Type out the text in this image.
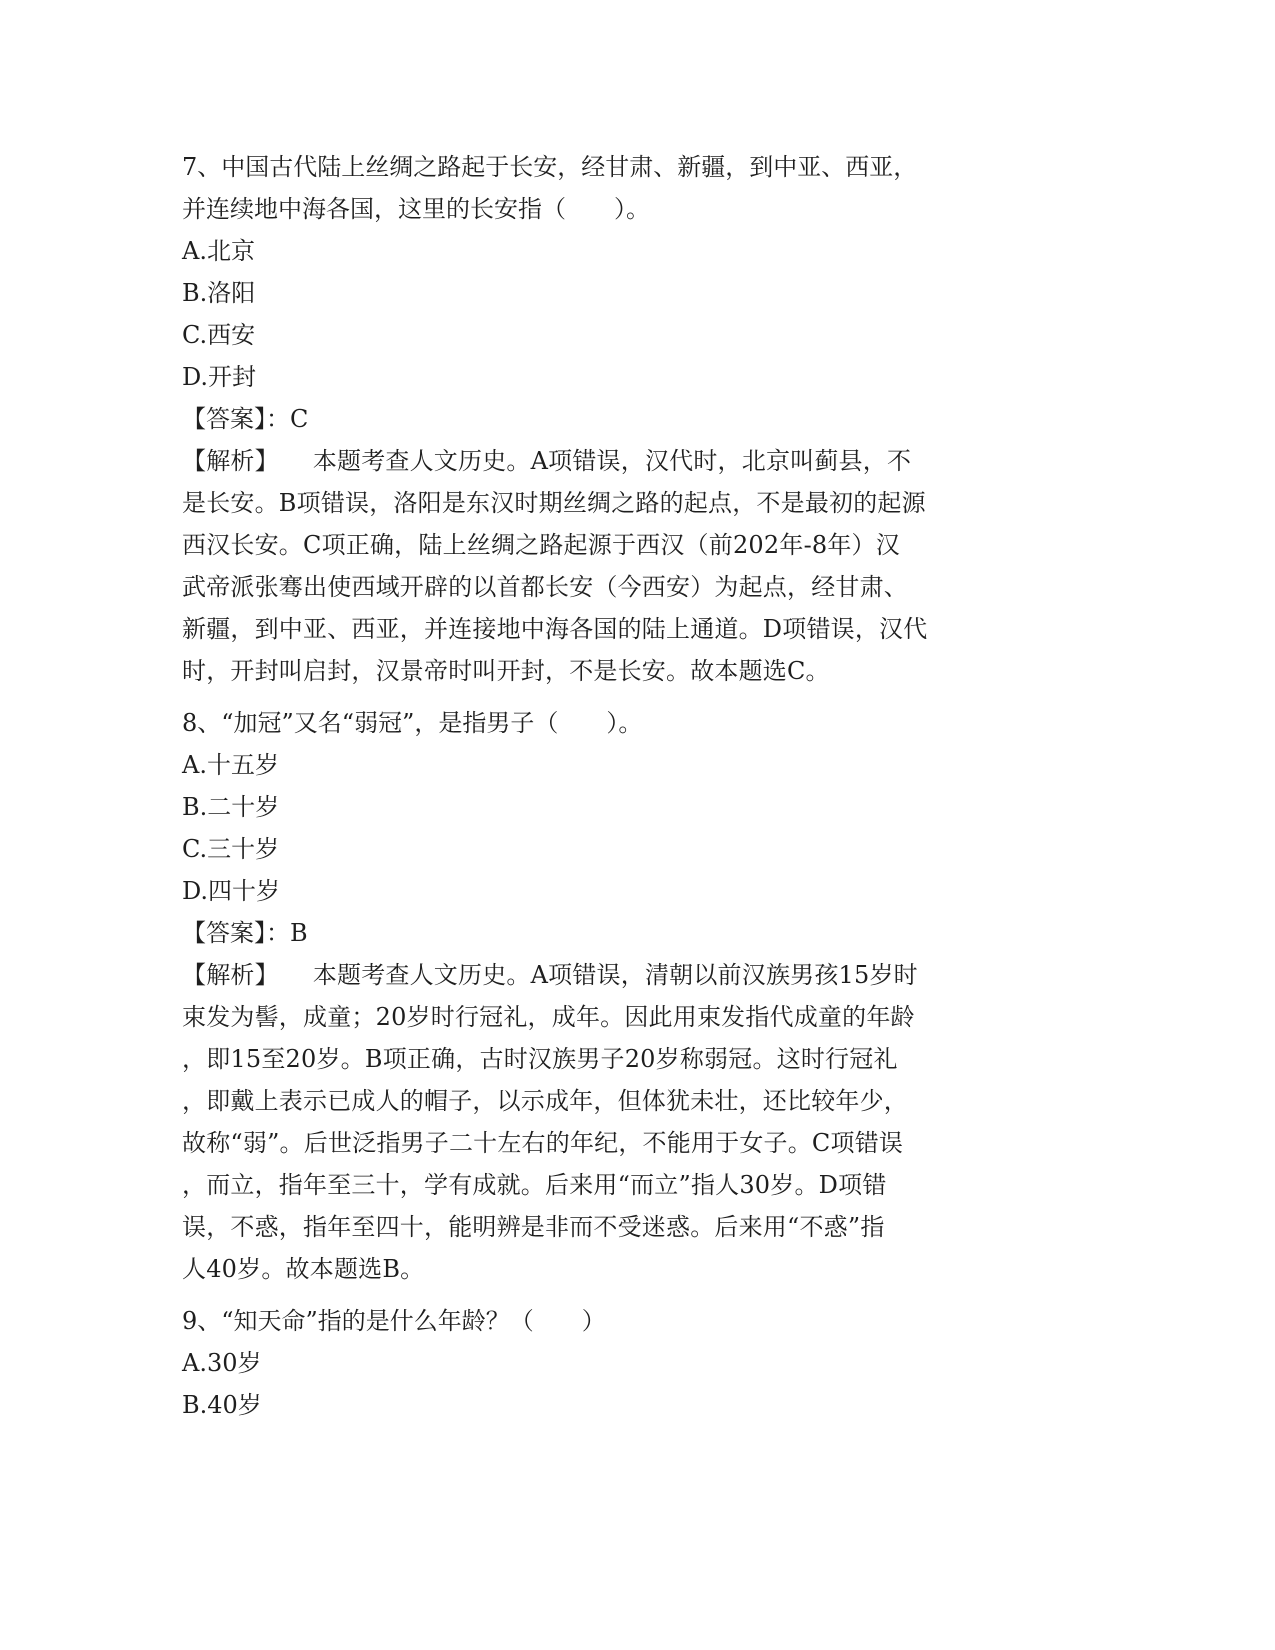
7、中国古代陆上丝绸之路起于长安，经甘肃、新疆，到中亚、西亚，
并连续地中海各国，这里的长安指（　　）。
A.北京
B.洛阳
C.西安
D.开封
【答案】：C
【解析】 本题考查人文历史。A项错误，汉代时，北京叫蓟县，不
是长安。B项错误，洛阳是东汉时期丝绸之路的起点，不是最初的起源
西汉长安。C项正确，陆上丝绸之路起源于西汉（前202年-8年）汉
武帝派张骞出使西域开辟的以首都长安（今西安）为起点，经甘肃、
新疆，到中亚、西亚，并连接地中海各国的陆上通道。D项错误，汉代
时，开封叫启封，汉景帝时叫开封，不是长安。故本题选C。
8、“加冠”又名“弱冠”，是指男子（　　）。
A.十五岁
B.二十岁
C.三十岁
D.四十岁
【答案】：B
【解析】 本题考查人文历史。A项错误，清朝以前汉族男孩15岁时
束发为髻，成童；20岁时行冠礼，成年。因此用束发指代成童的年龄
，即15至20岁。B项正确，古时汉族男子20岁称弱冠。这时行冠礼
，即戴上表示已成人的帽子，以示成年，但体犹未壮，还比较年少，
故称“弱”。后世泛指男子二十左右的年纪，不能用于女子。C项错误
，而立，指年至三十，学有成就。后来用“而立”指人30岁。D项错
误，不惑，指年至四十，能明辨是非而不受迷惑。后来用“不惑”指
人40岁。故本题选B。
9、“知天命”指的是什么年龄？（　　）
A.30岁
B.40岁
